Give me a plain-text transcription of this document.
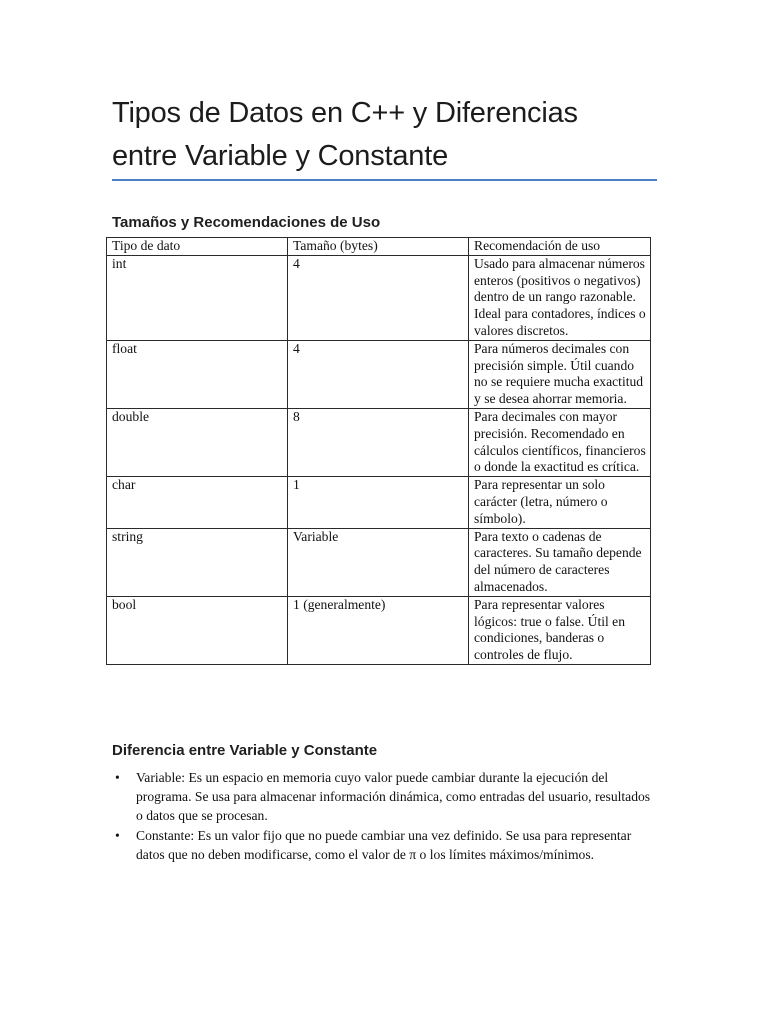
Tipos de Datos en C++ y Diferencias
entre Variable y Constante
Tamaños y Recomendaciones de Uso
Tipo de dato	Tamaño (bytes)	Recomendación de uso
int	4	Usado para almacenar números enteros (positivos o negativos) dentro de un rango razonable. Ideal para contadores, índices o valores discretos.
float	4	Para números decimales con precisión simple. Útil cuando no se requiere mucha exactitud y se desea ahorrar memoria.
double	8	Para decimales con mayor precisión. Recomendado en cálculos científicos, financieros o donde la exactitud es crítica.
char	1	Para representar un solo carácter (letra, número o símbolo).
string	Variable	Para texto o cadenas de caracteres. Su tamaño depende del número de caracteres almacenados.
bool	1 (generalmente)	Para representar valores lógicos: true o false. Útil en condiciones, banderas o controles de flujo.
Diferencia entre Variable y Constante
• Variable: Es un espacio en memoria cuyo valor puede cambiar durante la ejecución del programa. Se usa para almacenar información dinámica, como entradas del usuario, resultados o datos que se procesan.
• Constante: Es un valor fijo que no puede cambiar una vez definido. Se usa para representar datos que no deben modificarse, como el valor de π o los límites máximos/mínimos.
